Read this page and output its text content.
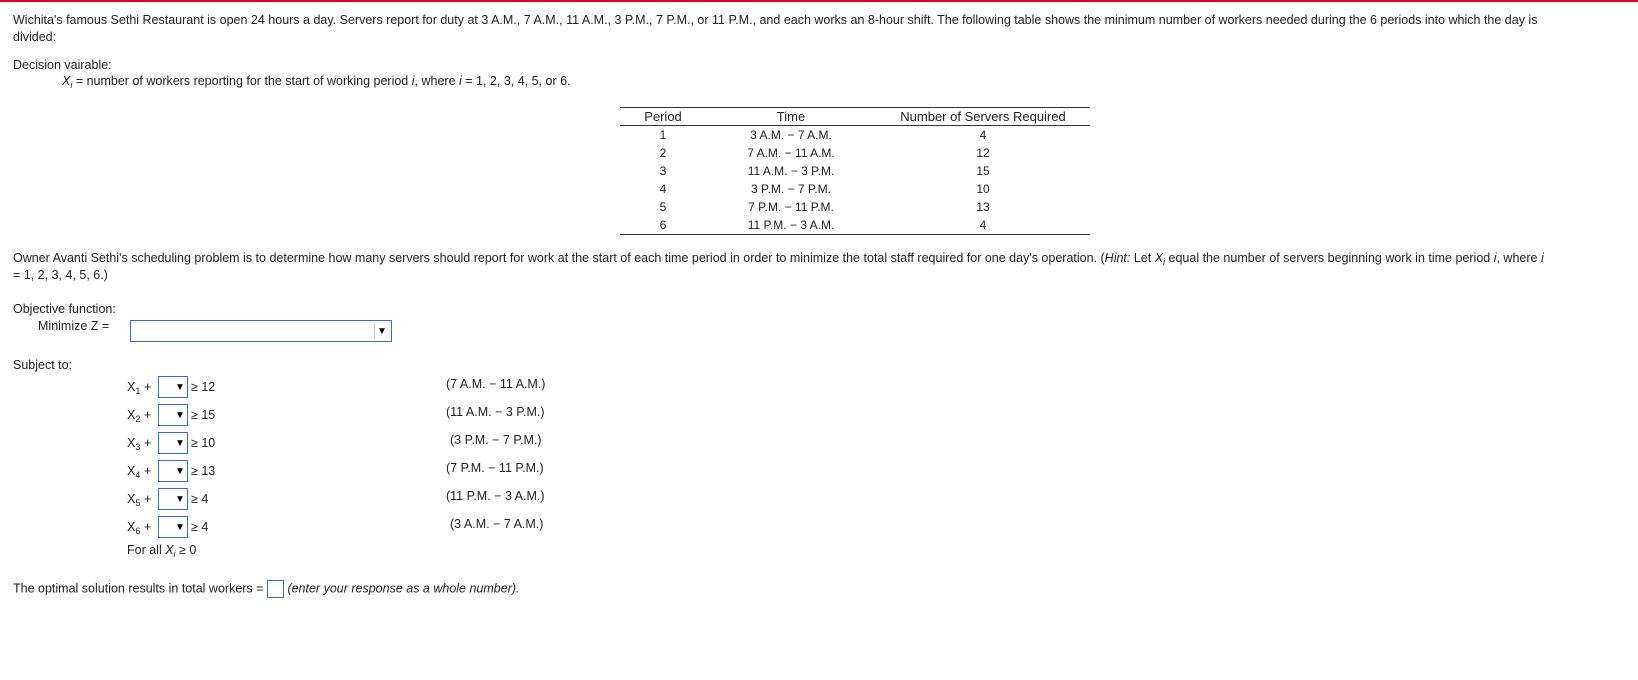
Wichita's famous Sethi Restaurant is open 24 hours a day. Servers report for duty at 3 A.M., 7 A.M., 11 A.M., 3 P.M., 7 P.M., or 11 P.M., and each works an 8-hour shift. The following table shows the minimum number of workers needed during the 6 periods into which the day is
divided:
Decision vairable:
$X_i$ = number of workers reporting for the start of working period i, where i = 1, 2, 3, 4, 5, or 6.
Period	Time	Number of Servers Required
1	3 A.M. − 7 A.M.	4
2	7 A.M. − 11 A.M.	12
3	11 A.M. − 3 P.M.	15
4	3 P.M. − 7 P.M.	10
5	7 P.M. − 11 P.M.	13
6	11 P.M. − 3 A.M.	4
Owner Avanti Sethi's scheduling problem is to determine how many servers should report for work at the start of each time period in order to minimize the total staff required for one day's operation. (Hint: Let $X_i$ equal the number of servers beginning work in time period i, where i
= 1, 2, 3, 4, 5, 6.)
Objective function:
Minimize Z =	▼
Subject to:
$X_1$ + ▼ ≥ 12	(7 A.M. − 11 A.M.)
$X_2$ + ▼ ≥ 15	(11 A.M. − 3 P.M.)
$X_3$ + ▼ ≥ 10	(3 P.M. − 7 P.M.)
$X_4$ + ▼ ≥ 13	(7 P.M. − 11 P.M.)
$X_5$ + ▼ ≥ 4	(11 P.M. − 3 A.M.)
$X_6$ + ▼ ≥ 4	(3 A.M. − 7 A.M.)
For all $X_i \ge 0$
The optimal solution results in total workers = (enter your response as a whole number).
